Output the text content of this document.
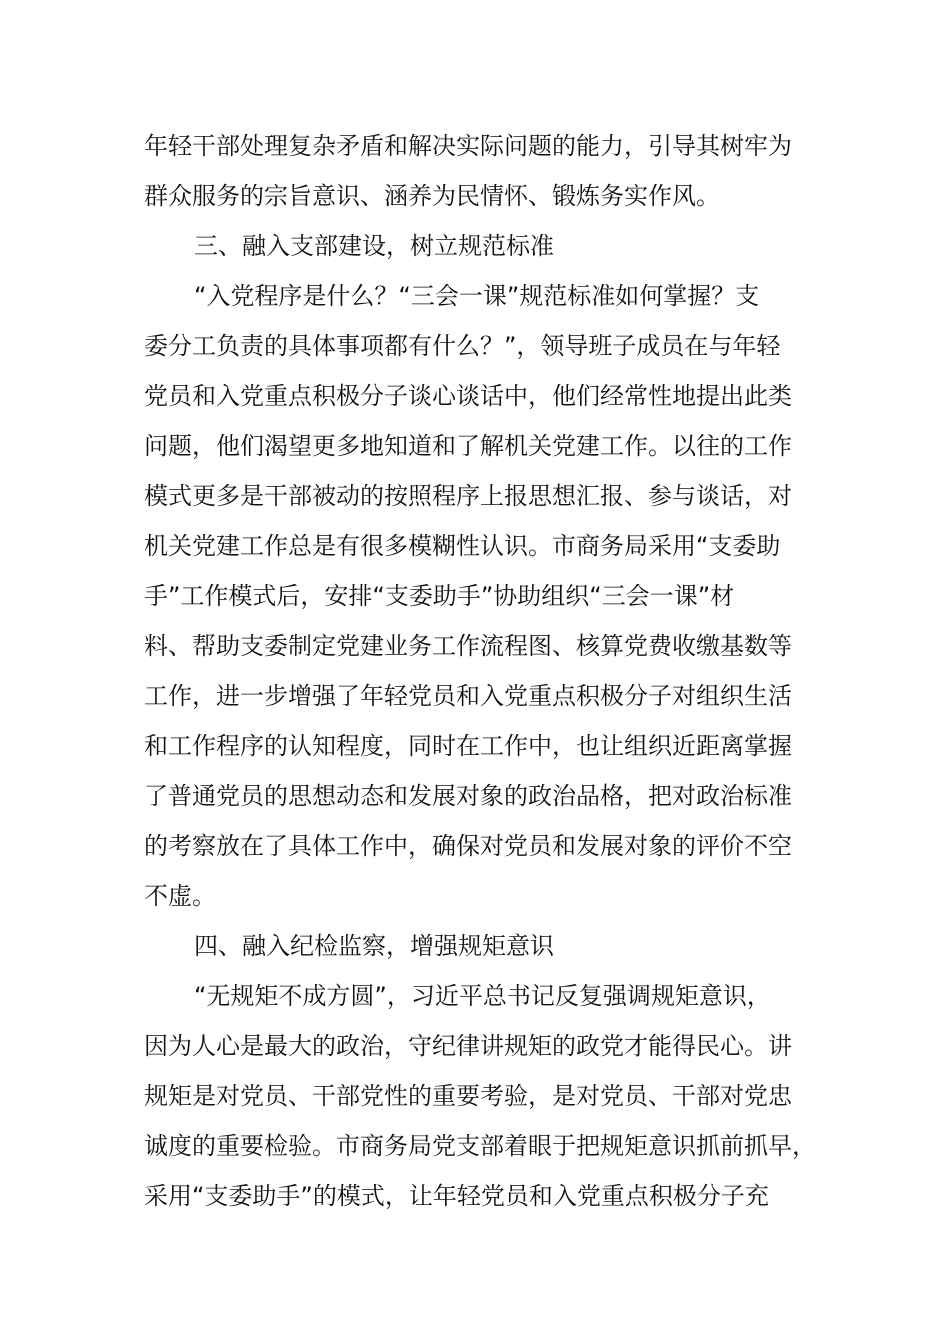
年轻干部处理复杂矛盾和解决实际问题的能力，引导其树牢为
群众服务的宗旨意识、涵养为民情怀、锻炼务实作风。
三、融入支部建设，树立规范标准
“入党程序是什么？“三会一课”规范标准如何掌握？支
委分工负责的具体事项都有什么？”，领导班子成员在与年轻
党员和入党重点积极分子谈心谈话中，他们经常性地提出此类
问题，他们渴望更多地知道和了解机关党建工作。以往的工作
模式更多是干部被动的按照程序上报思想汇报、参与谈话，对
机关党建工作总是有很多模糊性认识。市商务局采用“支委助
手”工作模式后，安排“支委助手”协助组织“三会一课”材
料、帮助支委制定党建业务工作流程图、核算党费收缴基数等
工作，进一步增强了年轻党员和入党重点积极分子对组织生活
和工作程序的认知程度，同时在工作中，也让组织近距离掌握
了普通党员的思想动态和发展对象的政治品格，把对政治标准
的考察放在了具体工作中，确保对党员和发展对象的评价不空
不虚。
四、融入纪检监察，增强规矩意识
“无规矩不成方圆”，习近平总书记反复强调规矩意识，
因为人心是最大的政治，守纪律讲规矩的政党才能得民心。讲
规矩是对党员、干部党性的重要考验，是对党员、干部对党忠
诚度的重要检验。市商务局党支部着眼于把规矩意识抓前抓早，
采用“支委助手”的模式，让年轻党员和入党重点积极分子充
